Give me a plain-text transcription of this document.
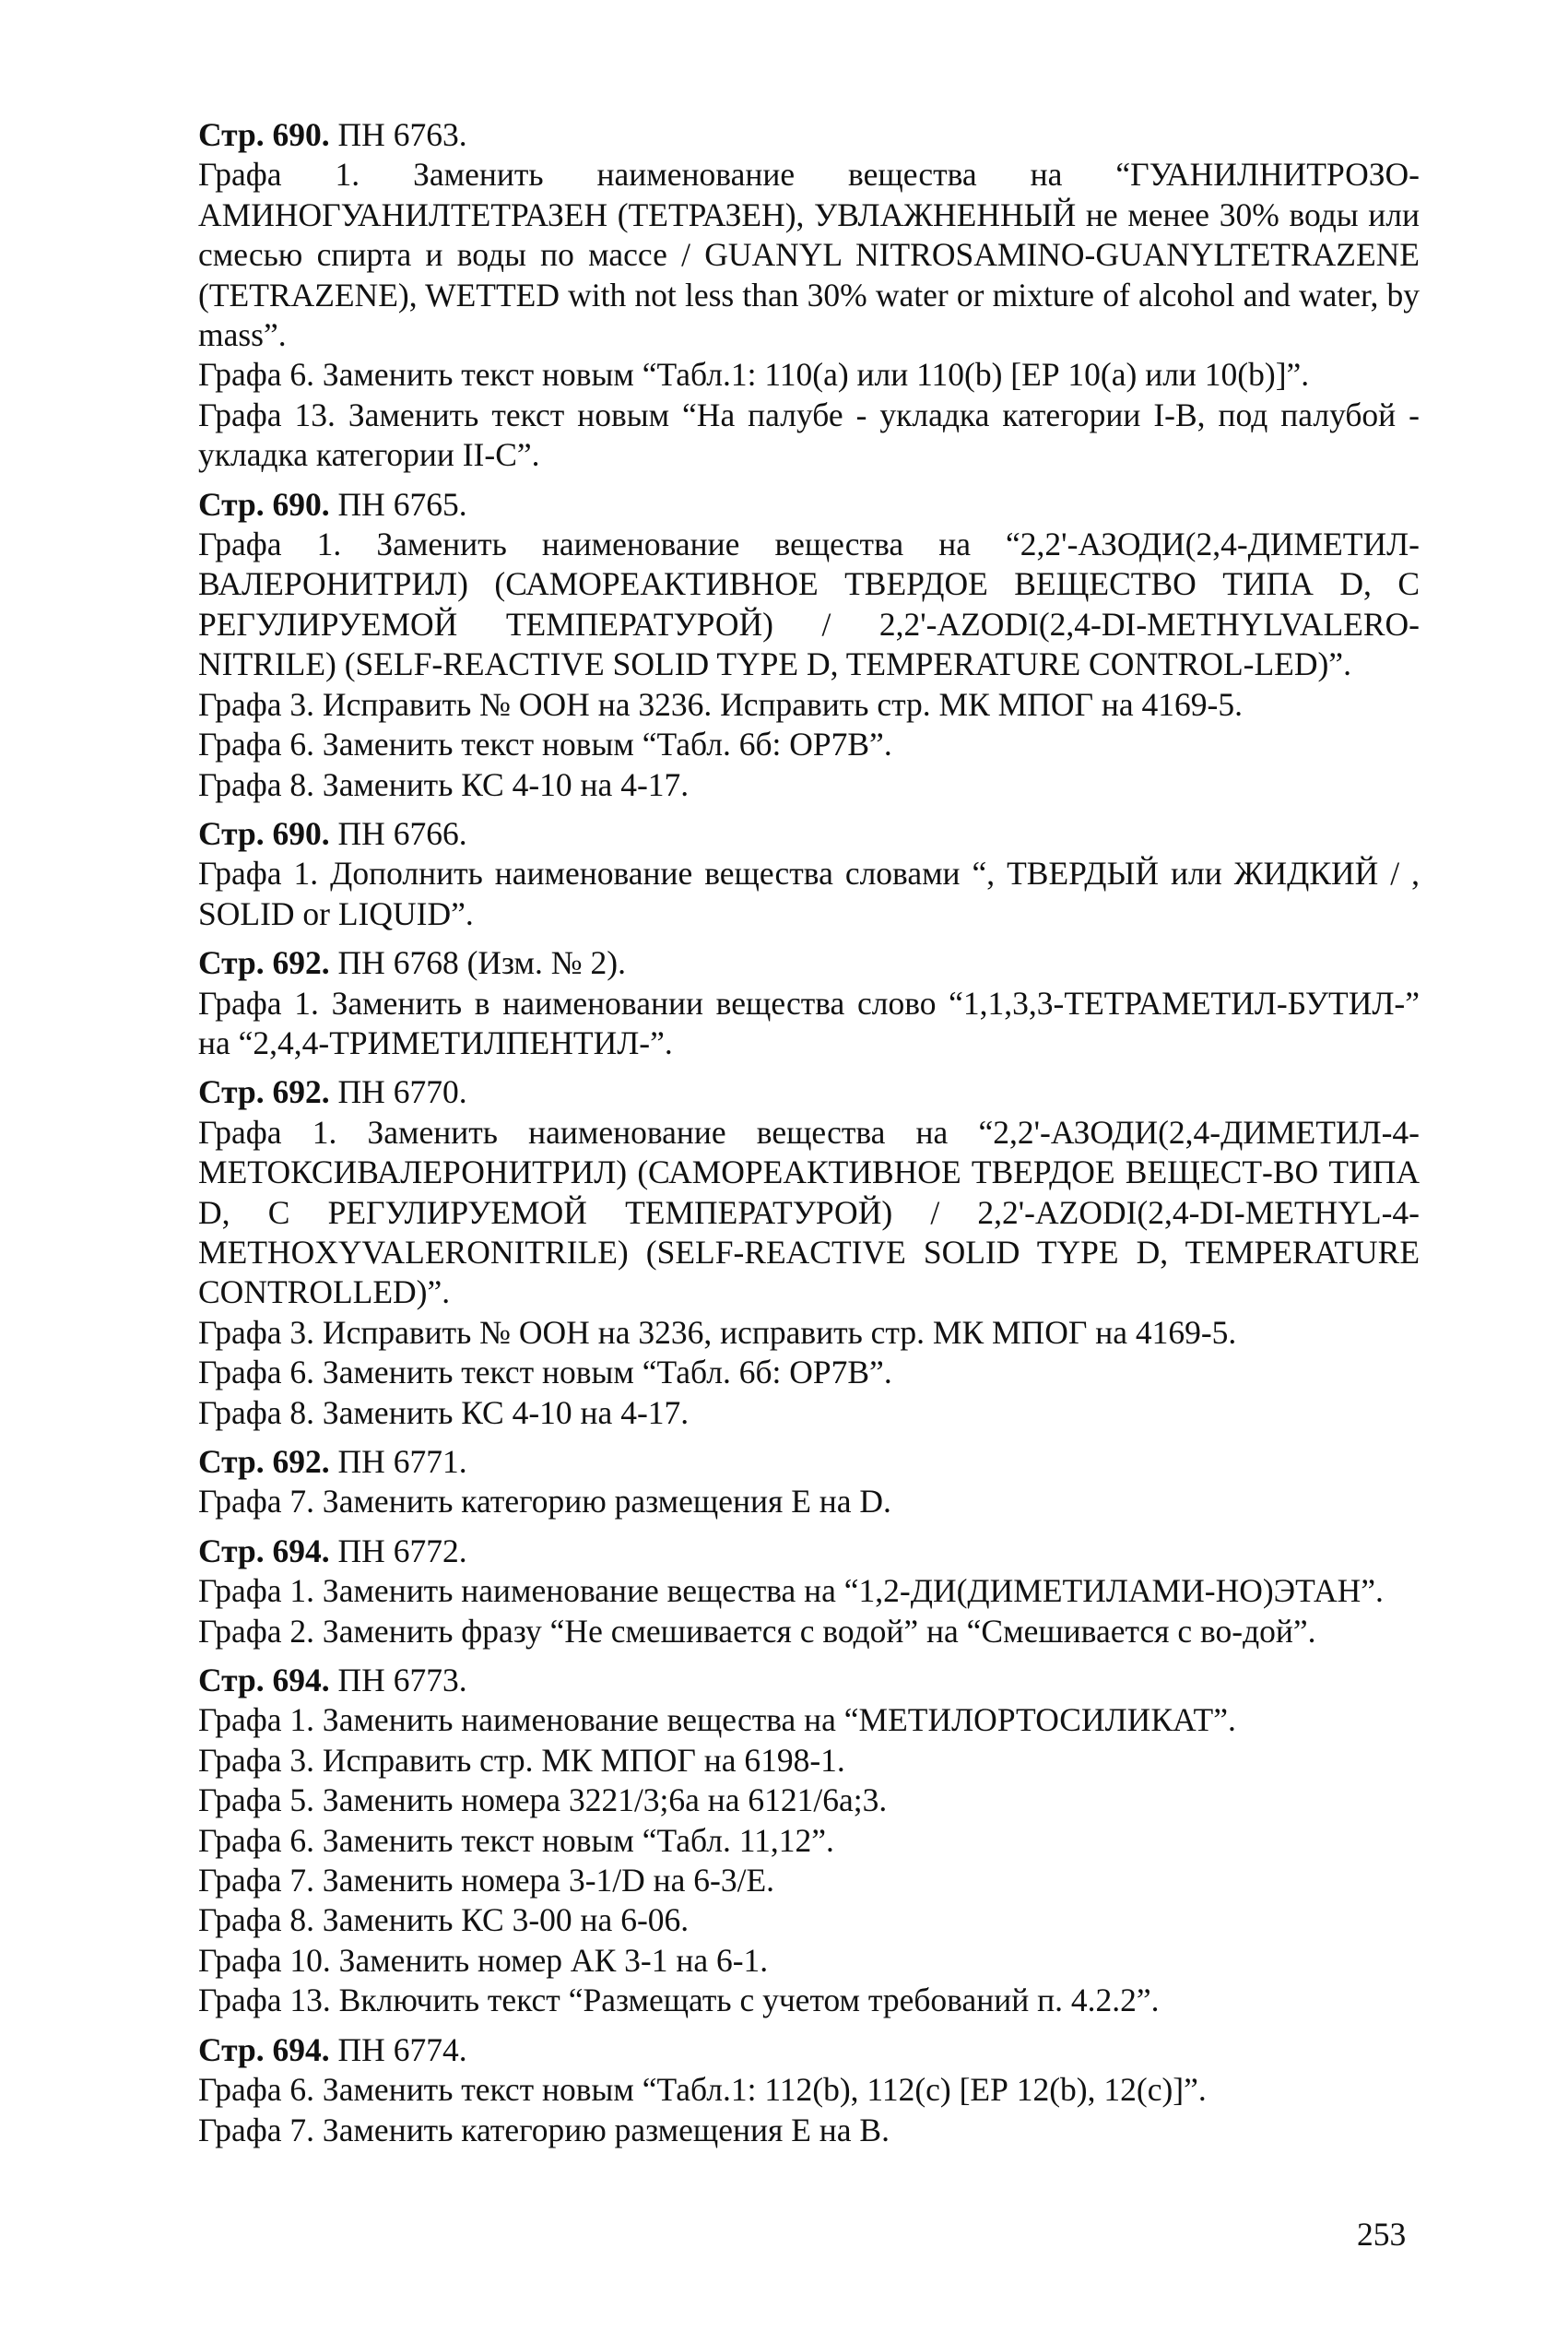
Стр. 690. ПН 6763.

Графа 1. Заменить наименование вещества на “ГУАНИЛНИТРОЗО-АМИНОГУАНИЛТЕТРАЗЕН (ТЕТРАЗЕН), УВЛАЖНЕННЫЙ не менее 30% воды или смесью спирта и воды по массе / GUANYL NITROSAMINO-GUANYLTETRAZENE (TETRAZENE), WETTED with not less than 30% water or mixture of alcohol and water, by mass”.

Графа 6. Заменить текст новым “Табл.1: 110(a) или 110(b) [ЕР 10(a) или 10(b)]”.

Графа 13. Заменить текст новым “На палубе - укладка категории I-B, под палубой - укладка категории II-С”.

Стр. 690. ПН 6765.

Графа 1. Заменить наименование вещества на “2,2'-АЗОДИ(2,4-ДИМЕТИЛ-ВАЛЕРОНИТРИЛ) (САМОРЕАКТИВНОЕ ТВЕРДОЕ ВЕЩЕСТВО ТИПА D, С РЕГУЛИРУЕМОЙ ТЕМПЕРАТУРОЙ) / 2,2'-AZODI(2,4-DI-METHYLVALERO-NITRILE) (SELF-REACTIVE SOLID TYPE D, TEMPERATURE CONTROL-LED)”.

Графа 3. Исправить № ООН на 3236. Исправить стр. МК МПОГ на 4169-5.

Графа 6. Заменить текст новым “Табл. 6б: OP7B”.

Графа 8. Заменить КС 4-10 на 4-17.

Стр. 690. ПН 6766.

Графа 1. Дополнить наименование вещества словами “, ТВЕРДЫЙ или ЖИДКИЙ / , SOLID or LIQUID”.

Стр. 692. ПН 6768 (Изм. № 2).

Графа 1. Заменить в наименовании вещества слово “1,1,3,3-ТЕТРАМЕТИЛ-БУТИЛ-” на “2,4,4-ТРИМЕТИЛПЕНТИЛ-”.

Стр. 692. ПН 6770.

Графа 1. Заменить наименование вещества на “2,2'-АЗОДИ(2,4-ДИМЕТИЛ-4-МЕТОКСИВАЛЕРОНИТРИЛ) (САМОРЕАКТИВНОЕ ТВЕРДОЕ ВЕЩЕСТ-ВО ТИПА D, С РЕГУЛИРУЕМОЙ ТЕМПЕРАТУРОЙ) / 2,2'-AZODI(2,4-DI-METHYL-4-METHOXYVALERONITRILE) (SELF-REACTIVE SOLID TYPE D, TEMPERATURE CONTROLLED)”.

Графа 3. Исправить № ООН на 3236, исправить стр. МК МПОГ на 4169-5.

Графа 6. Заменить текст новым “Табл. 6б: OP7B”.

Графа 8. Заменить КС 4-10 на 4-17.

Стр. 692. ПН 6771.

Графа 7. Заменить категорию размещения Е на D.

Стр. 694. ПН 6772.

Графа 1. Заменить наименование вещества на “1,2-ДИ(ДИМЕТИЛАМИ-НО)ЭТАН”.

Графа 2. Заменить фразу “Не смешивается с водой” на “Смешивается с во-дой”.

Стр. 694. ПН 6773.

Графа 1. Заменить наименование вещества на “МЕТИЛОРТОСИЛИКАТ”.

Графа 3. Исправить стр. МК МПОГ на 6198-1.

Графа 5. Заменить номера 3221/3;6а на 6121/6а;3.

Графа 6. Заменить текст новым “Табл. 11,12”.

Графа 7. Заменить номера 3-1/D на 6-3/Е.

Графа 8. Заменить КС 3-00 на 6-06.

Графа 10. Заменить номер АК 3-1 на 6-1.

Графа 13. Включить текст “Размещать с учетом требований п. 4.2.2”.

Стр. 694. ПН 6774.

Графа 6. Заменить текст новым “Табл.1: 112(b), 112(c) [ЕР 12(b), 12(c)]”.

Графа 7. Заменить категорию размещения Е на В.

253
